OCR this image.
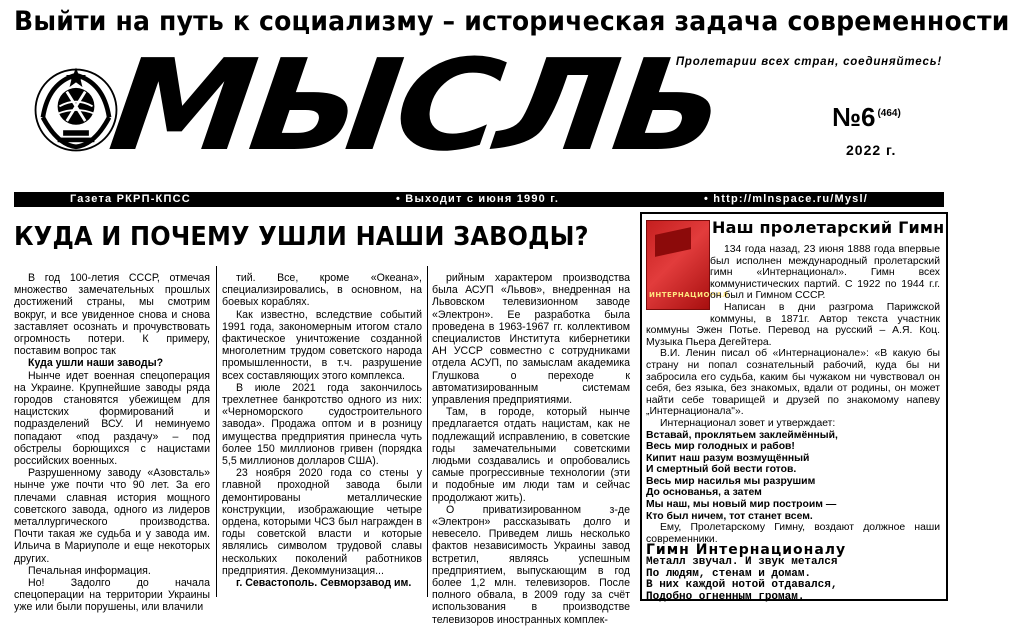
Выйти на путь к социализму – историческая задача современности
Пролетарии всех стран, соединяйтесь!
МЫСЛЬ	№6 $^{(464)}$
2022 г.
Газета РКРП-КПСС	• Выходит с июня 1990 г.	• http://mlnspace.ru/Mysl/
КУДА И ПОЧЕМУ УШЛИ НАШИ ЗАВОДЫ?

В год 100-летия СССР, отмечая множество замечательных прошлых достижений страны, мы смотрим вокруг, и все увиденное снова и снова заставляет осознать и прочувствовать огромность потери. К примеру, поставим вопрос так

Куда ушли наши заводы?

Нынче идет военная спецоперация на Украине. Крупнейшие заводы ряда городов становятся убежищем для нацистских формирований и подразделений ВСУ. И неминуемо попадают «под раздачу» – под обстрелы борющихся с нацистами российских военных.

Разрушенному заводу «Азовсталь» нынче уже почти что 90 лет. За его плечами славная история мощного советского завода, одного из лидеров металлургического производства. Почти такая же судьба и у завода им. Ильича в Мариуполе и еще некоторых других.

Печальная информация.

Но! Задолго до начала спецоперации на территории Украины уже или были порушены, или влачили

тий. Все, кроме «Океана», специализировались, в основном, на боевых кораблях.

Как известно, вследствие событий 1991 года, закономерным итогом стало фактическое уничтожение созданной многолетним трудом советского народа промышленности, в т.ч. разрушение всех составляющих этого комплекса.

В июле 2021 года закончилось трехлетнее банкротство одного из них: «Черноморского судостроительного завода». Продажа оптом и в розницу имущества предприятия принесла чуть более 150 миллионов гривен (порядка 5,5 миллионов долларов США).

23 ноября 2020 года со стены у главной проходной завода были демонтированы металлические конструкции, изображающие четыре ордена, которыми ЧСЗ был награжден в годы советской власти и которые являлись символом трудовой славы нескольких поколений работников предприятия. Декоммунизация...

г. Севастополь. Севморзавод им.

рийным характером производства была АСУП «Львов», внедренная на Львовском телевизионном заводе «Электрон». Ее разработка была проведена в 1963-1967 гг. коллективом специалистов Института кибернетики АН УССР совместно с сотрудниками отдела АСУП, по замыслам академика Глушкова о переходе к автоматизированным системам управления предприятиями.

Там, в городе, который нынче предлагается отдать нацистам, как не подлежащий исправлению, в советские годы замечательными советскими людьми создавались и опробовались самые прогрессивные технологии (эти и подобные им люди там и сейчас продолжают жить).

О приватизированном з-де «Электрон» рассказывать долго и невесело. Приведем лишь несколько фактов независимость Украины завод встретил, являясь успешным предприятием, выпускающим в год более 1,2 млн. телевизоров. После полного обвала, в 2009 году за счёт использования в производстве телевизоров иностранных комплек-

ИНТЕРНАЦИОНАЛ
Наш пролетарский Гимн

134 года назад, 23 июня 1888 года впервые был исполнен международный пролетарский гимн «Интернационал». Гимн всех коммунистических партий. С 1922 по 1944 г.г. он был и Гимном СССР.

Написан в дни разгрома Парижской коммуны, в 1871г. Автор текста участник коммуны Эжен Потье. Перевод на русский – А.Я. Коц. Музыка Пьера Дегейтера.

В.И. Ленин писал об «Интернационале»: «В какую бы страну ни попал сознательный рабочий, куда бы ни забросила его судьба, каким бы чужаком ни чувствовал он себя, без языка, без знакомых, вдали от родины, он может найти себе товарищей и друзей по знакомому напеву „Интернационала"».

Интернационал зовет и утверждает:

Вставай, проклятьем заклеймённый,

Весь мир голодных и рабов!

Кипит наш разум возмущённый

И смертный бой вести готов.

Весь мир насилья мы разрушим

До основанья, а затем

Мы наш, мы новый мир построим —

Кто был ничем, тот станет всем.

Ему, Пролетарскому Гимну, воздают должное наши современники.

Гимн Интернационалу

Металл звучал. И звук метался

По людям, стенам и домам.

В них каждой нотой отдавался,

Подобно огненным громам.
